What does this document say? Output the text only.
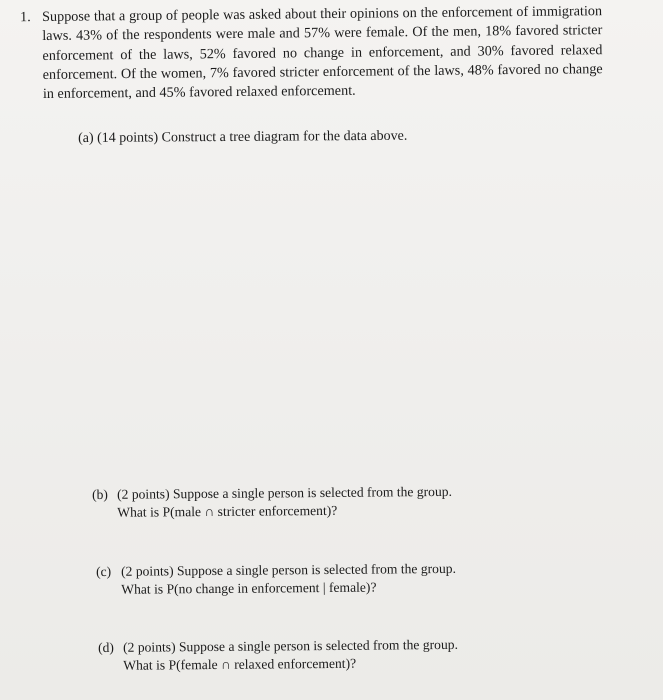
1. Suppose that a group of people was asked about their opinions on the enforcement of immigration laws. 43% of the respondents were male and 57% were female. Of the men, 18% favored stricter enforcement of the laws, 52% favored no change in enforcement, and 30% favored relaxed enforcement. Of the women, 7% favored stricter enforcement of the laws, 48% favored no change in enforcement, and 45% favored relaxed enforcement.
(a) (14 points) Construct a tree diagram for the data above.
(b) (2 points) Suppose a single person is selected from the group.
What is P(male ∩ stricter enforcement)?
(c) (2 points) Suppose a single person is selected from the group.
What is P(no change in enforcement | female)?
(d) (2 points) Suppose a single person is selected from the group.
What is P(female ∩ relaxed enforcement)?
